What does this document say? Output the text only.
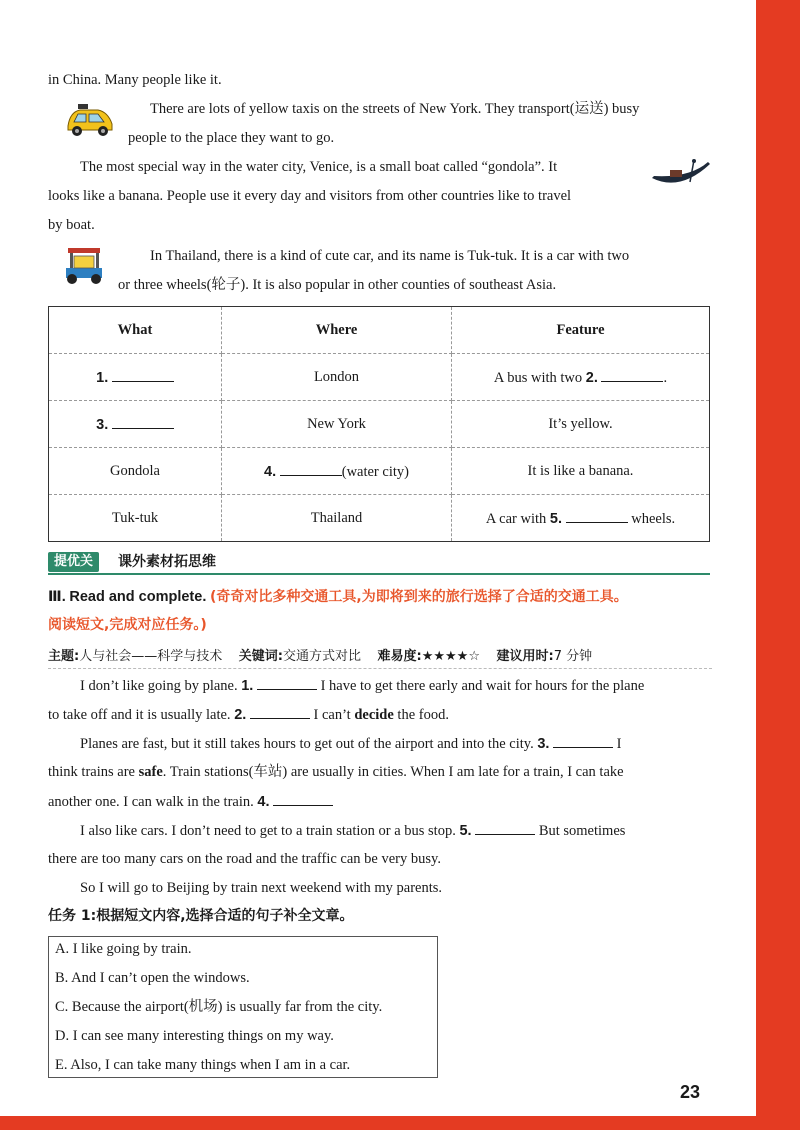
in China. Many people like it.
There are lots of yellow taxis on the streets of New York. They transport(运送) busy
people to the place they want to go.
The most special way in the water city, Venice, is a small boat called “gondola”. It
looks like a banana. People use it every day and visitors from other countries like to travel
by boat.
In Thailand, there is a kind of cute car, and its name is Tuk-tuk. It is a car with two
or three wheels(轮子). It is also popular in other counties of southeast Asia.
What	Where	Feature
1.	London	A bus with two 2. .
3.	New York	It’s yellow.
Gondola	4. (water city)	It is like a banana.
Tuk-tuk	Thailand	A car with 5. wheels.
提优关	课外素材拓思维
Ⅲ. Read and complete. (奇奇对比多种交通工具,为即将到来的旅行选择了合适的交通工具。
阅读短文,完成对应任务。)
主题:人与社会——科学与技术 关键词:交通方式对比 难易度:★★★★☆ 建议用时:7 分钟
I don’t like going by plane. 1.	I have to get there early and wait for hours for the plane
to take off and it is usually late. 2.	I can’t decide the food.
Planes are fast, but it still takes hours to get out of the airport and into the city. 3.	I
think trains are safe. Train stations(车站) are usually in cities. When I am late for a train, I can take
another one. I can walk in the train. 4.
I also like cars. I don’t need to get to a train station or a bus stop. 5.	But sometimes
there are too many cars on the road and the traffic can be very busy.
So I will go to Beijing by train next weekend with my parents.
任务 1:根据短文内容,选择合适的句子补全文章。
A. I like going by train.
B. And I can’t open the windows.
C. Because the airport(机场) is usually far from the city.
D. I can see many interesting things on my way.
E. Also, I can take many things when I am in a car.
23
